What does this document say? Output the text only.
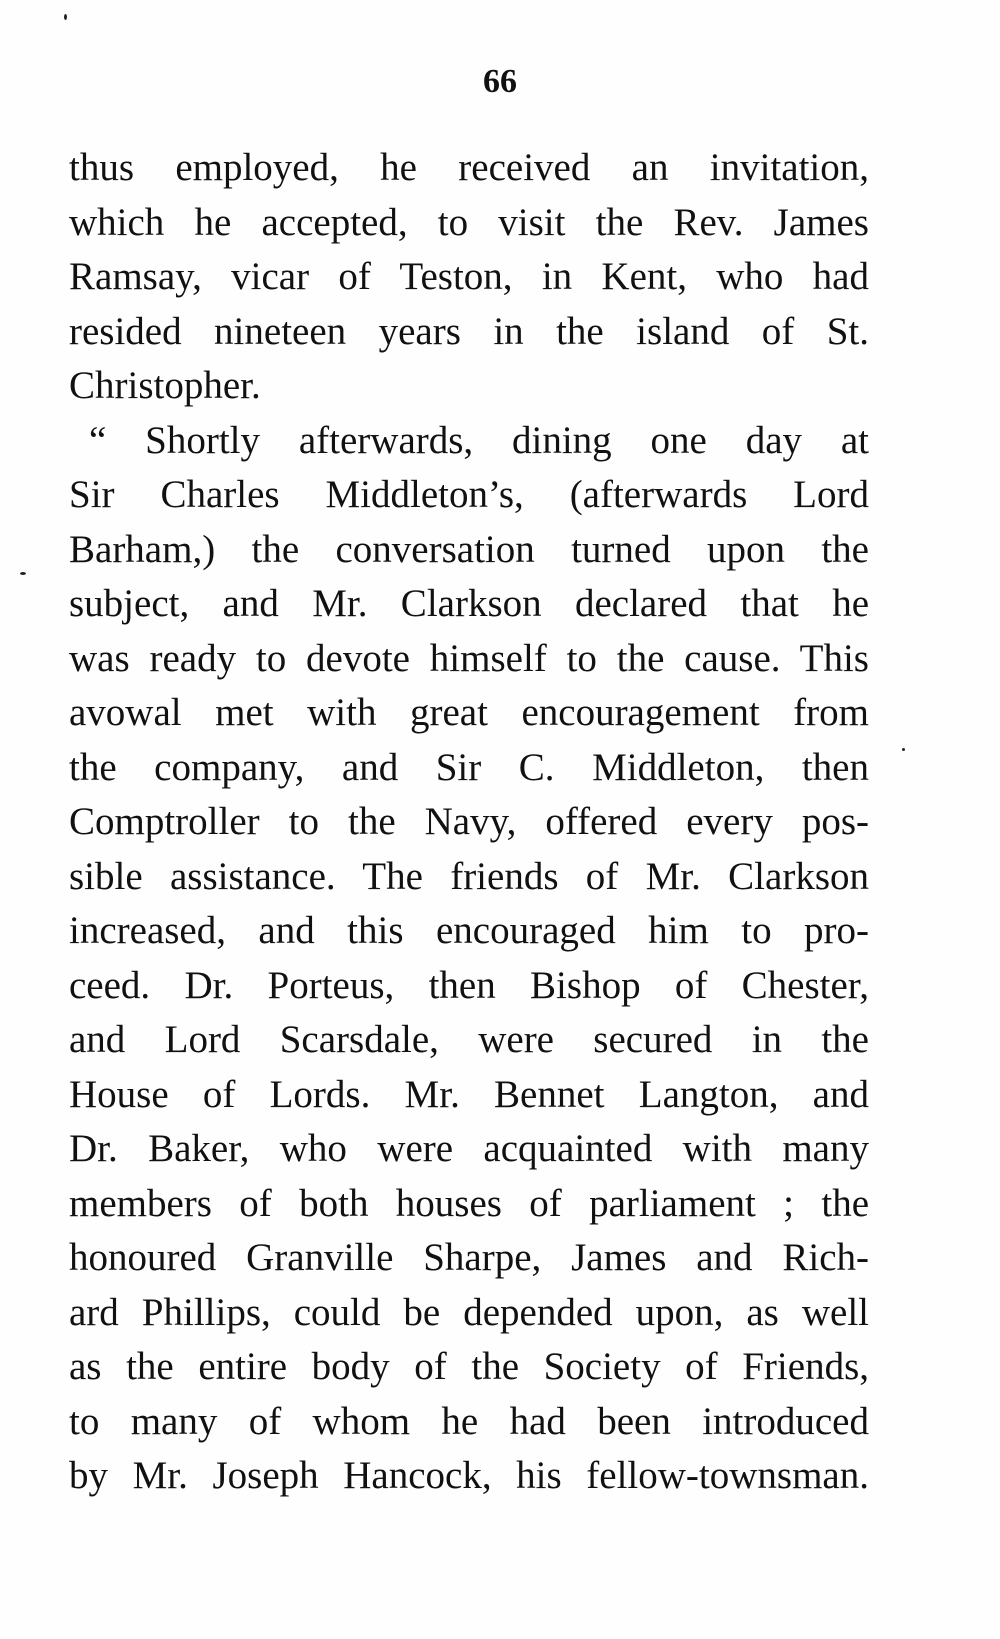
66
thus employed, he received an invitation,
which he accepted, to visit the Rev. James
Ramsay, vicar of Teston, in Kent, who had
resided nineteen years in the island of St.
Christopher.
“ Shortly afterwards, dining one day at
Sir Charles Middleton’s, (afterwards Lord
Barham,) the conversation turned upon the
subject, and Mr. Clarkson declared that he
was ready to devote himself to the cause. This
avowal met with great encouragement from
the company, and Sir C. Middleton, then
Comptroller to the Navy, offered every pos-
sible assistance. The friends of Mr. Clarkson
increased, and this encouraged him to pro-
ceed. Dr. Porteus, then Bishop of Chester,
and Lord Scarsdale, were secured in the
House of Lords. Mr. Bennet Langton, and
Dr. Baker, who were acquainted with many
members of both houses of parliament ; the
honoured Granville Sharpe, James and Rich-
ard Phillips, could be depended upon, as well
as the entire body of the Society of Friends,
to many of whom he had been introduced
by Mr. Joseph Hancock, his fellow-townsman.
